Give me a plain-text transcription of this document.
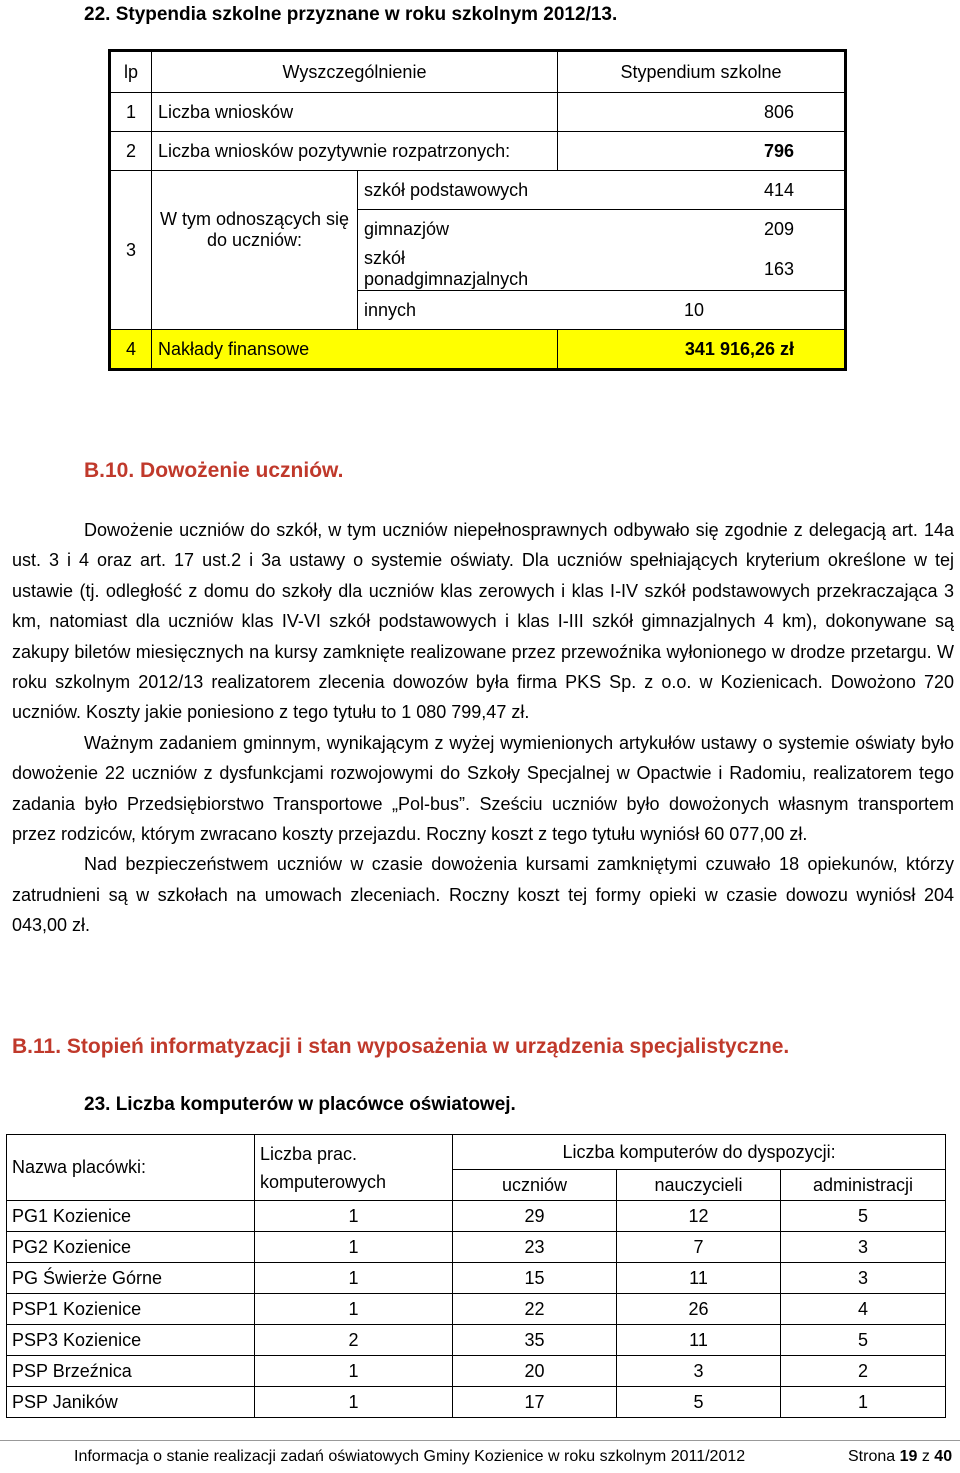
22. Stypendia szkolne przyznane w roku szkolnym 2012/13.
lp	Wyszczególnienie		Stypendium szkolne
1	Liczba wniosków		806
2	Liczba wniosków pozytywnie rozpatrzonych:		796
3	W tym odnoszących się do uczniów:	szkół podstawowych	414
		gimnazjów	209
		szkół ponadgimnazjalnych	163
		innych	10
4	Nakłady finansowe		341 916,26 zł
B.10. Dowożenie uczniów.

Dowożenie uczniów do szkół, w tym uczniów niepełnosprawnych odbywało się zgodnie z delegacją art. 14a ust. 3 i 4 oraz art. 17 ust.2 i 3a ustawy o systemie oświaty. Dla uczniów spełniających kryterium określone w tej ustawie (tj. odległość z domu do szkoły dla uczniów klas zerowych i klas I-IV szkół podstawowych przekraczająca 3 km, natomiast dla uczniów klas IV-VI szkół podstawowych i klas I-III szkół gimnazjalnych 4 km), dokonywane są zakupy biletów miesięcznych na kursy zamknięte realizowane przez przewoźnika wyłonionego w drodze przetargu. W roku szkolnym 2012/13 realizatorem zlecenia dowozów była firma PKS Sp. z o.o. w Kozienicach. Dowożono 720 uczniów. Koszty jakie poniesiono z tego tytułu to 1 080 799,47 zł.

Ważnym zadaniem gminnym, wynikającym z wyżej wymienionych artykułów ustawy o systemie oświaty było dowożenie 22 uczniów z dysfunkcjami rozwojowymi do Szkoły Specjalnej w Opactwie i Radomiu, realizatorem tego zadania było Przedsiębiorstwo Transportowe „Pol-bus”. Sześciu uczniów było dowożonych własnym transportem przez rodziców, którym zwracano koszty przejazdu. Roczny koszt z tego tytułu wyniósł 60 077,00 zł.

Nad bezpieczeństwem uczniów w czasie dowożenia kursami zamkniętymi czuwało 18 opiekunów, którzy zatrudnieni są w szkołach na umowach zleceniach. Roczny koszt tej formy opieki w czasie dowozu wyniósł 204 043,00 zł.

B.11. Stopień informatyzacji i stan wyposażenia w urządzenia specjalistyczne.
23. Liczba komputerów w placówce oświatowej.
Nazwa placówki:	Liczba prac. komputerowych	Liczba komputerów do dyspozycji:		
		uczniów	nauczycieli	administracji
PG1 Kozienice	1	29	12	5
PG2 Kozienice	1	23	7	3
PG Świerże Górne	1	15	11	3
PSP1 Kozienice	1	22	26	4
PSP3 Kozienice	2	35	11	5
PSP Brzeźnica	1	20	3	2
PSP Janików	1	17	5	1
Informacja o stanie realizacji zadań oświatowych Gminy Kozienice w roku szkolnym 2011/2012	Strona 19 z 40
